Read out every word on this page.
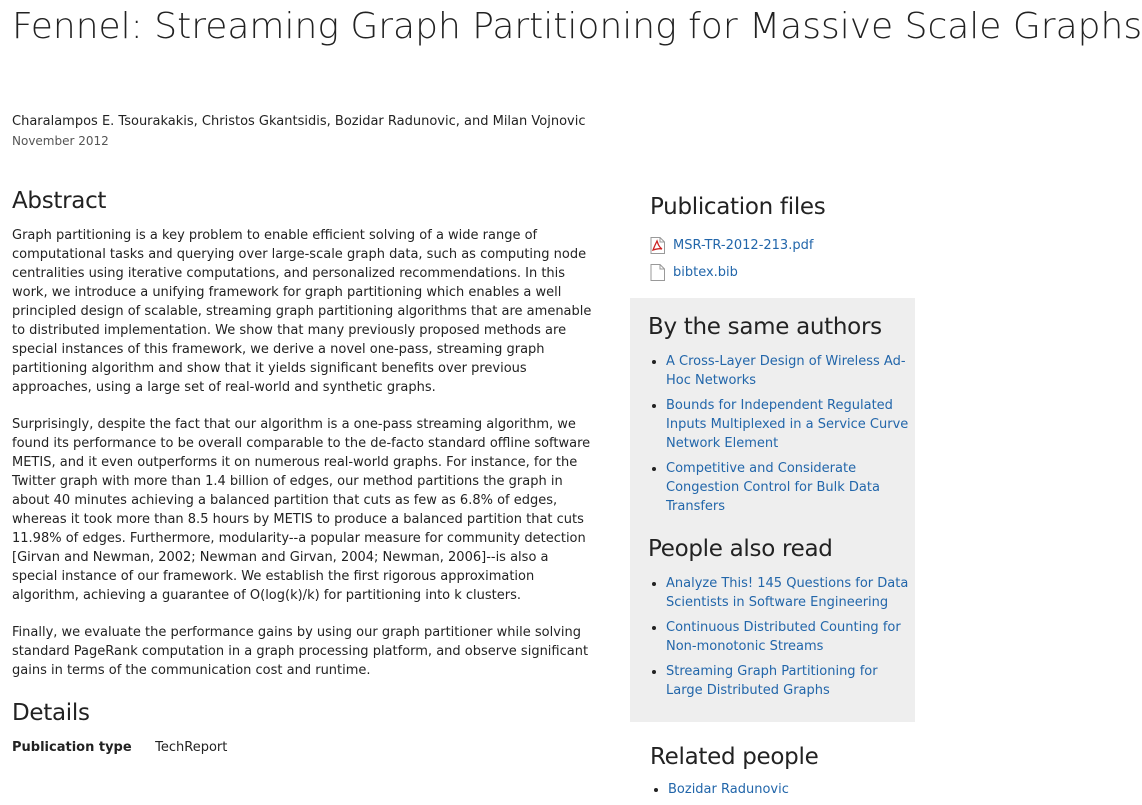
Fennel: Streaming Graph Partitioning for Massive Scale Graphs
Charalampos E. Tsourakakis, Christos Gkantsidis, Bozidar Radunovic, and Milan Vojnovic
November 2012
Abstract

Graph partitioning is a key problem to enable efficient solving of a wide range of computational tasks and querying over large-scale graph data, such as computing node centralities using iterative computations, and personalized recommendations. In this work, we introduce a unifying framework for graph partitioning which enables a well principled design of scalable, streaming graph partitioning algorithms that are amenable to distributed implementation. We show that many previously proposed methods are special instances of this framework, we derive a novel one-pass, streaming graph partitioning algorithm and show that it yields significant benefits over previous approaches, using a large set of real-world and synthetic graphs.

Surprisingly, despite the fact that our algorithm is a one-pass streaming algorithm, we found its performance to be overall comparable to the de-facto standard offline software METIS, and it even outperforms it on numerous real-world graphs. For instance, for the Twitter graph with more than 1.4 billion of edges, our method partitions the graph in about 40 minutes achieving a balanced partition that cuts as few as 6.8% of edges, whereas it took more than 8.5 hours by METIS to produce a balanced partition that cuts 11.98% of edges. Furthermore, modularity--a popular measure for community detection [Girvan and Newman, 2002; Newman and Girvan, 2004; Newman, 2006]--is also a special instance of our framework. We establish the first rigorous approximation algorithm, achieving a guarantee of O(log(k)/k) for partitioning into k clusters.

Finally, we evaluate the performance gains by using our graph partitioner while solving standard PageRank computation in a graph processing platform, and observe significant gains in terms of the communication cost and runtime.

Details
Publication type TechReport
Publication files
MSR-TR-2012-213.pdf
bibtex.bib
By the same authors
• A Cross-Layer Design of Wireless Ad-Hoc Networks
• Bounds for Independent Regulated Inputs Multiplexed in a Service Curve Network Element
• Competitive and Considerate Congestion Control for Bulk Data Transfers
People also read
• Analyze This! 145 Questions for Data Scientists in Software Engineering
• Continuous Distributed Counting for Non-monotonic Streams
• Streaming Graph Partitioning for Large Distributed Graphs
Related people
• Bozidar Radunovic
